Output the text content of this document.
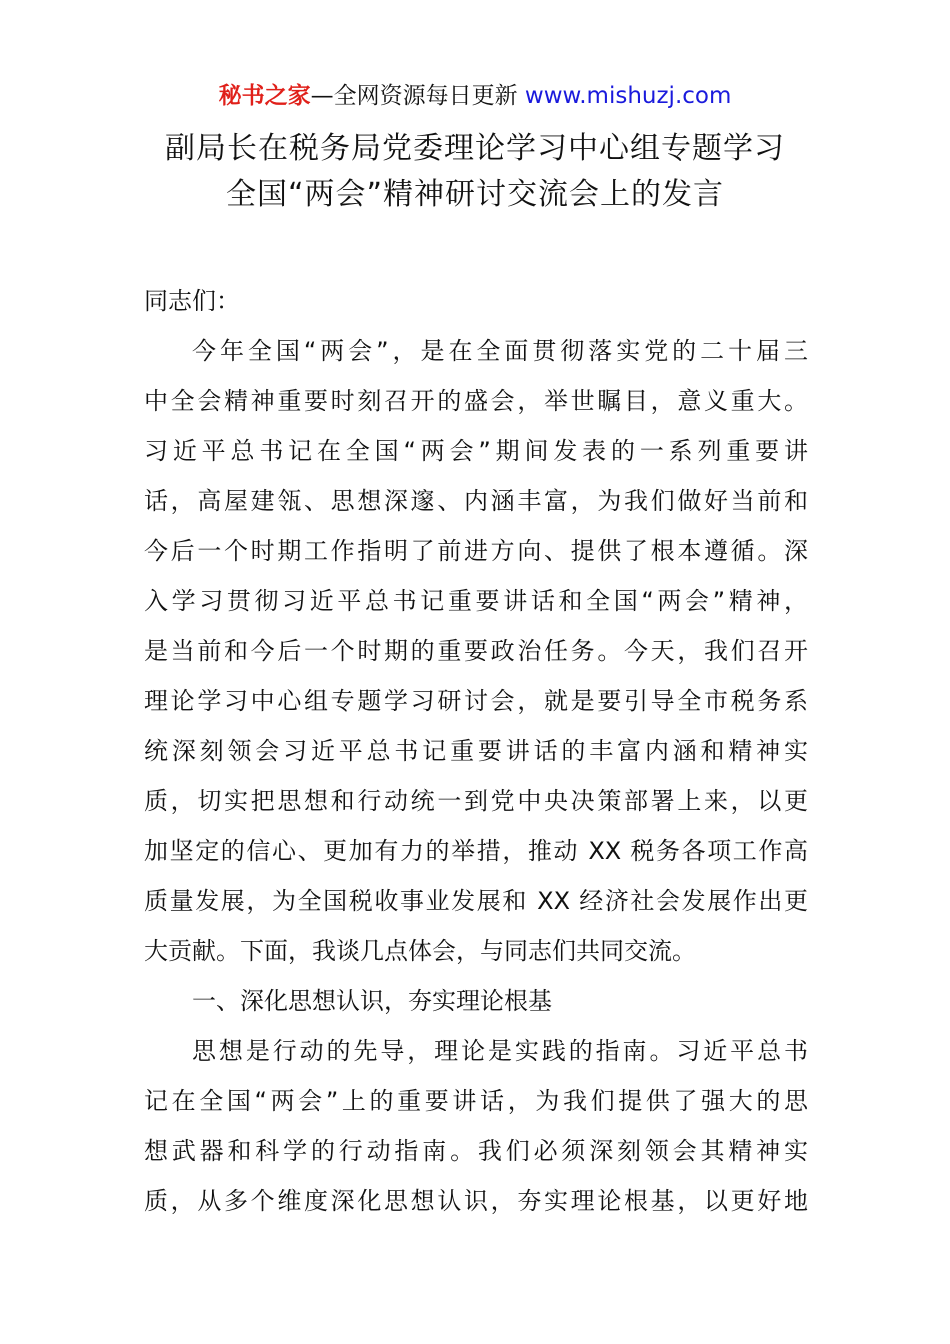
秘书之家—全网资源每日更新 www.mishuzj.com
副局长在税务局党委理论学习中心组专题学习
全国“两会”精神研讨交流会上的发言
同志们：
今年全国“两会”，是在全面贯彻落实党的二十届三
中全会精神重要时刻召开的盛会，举世瞩目，意义重大。
习近平总书记在全国“两会”期间发表的一系列重要讲
话，高屋建瓴、思想深邃、内涵丰富，为我们做好当前和
今后一个时期工作指明了前进方向、提供了根本遵循。深
入学习贯彻习近平总书记重要讲话和全国“两会”精神，
是当前和今后一个时期的重要政治任务。今天，我们召开
理论学习中心组专题学习研讨会，就是要引导全市税务系
统深刻领会习近平总书记重要讲话的丰富内涵和精神实
质，切实把思想和行动统一到党中央决策部署上来，以更
加坚定的信心、更加有力的举措，推动 XX 税务各项工作高
质量发展，为全国税收事业发展和 XX 经济社会发展作出更
大贡献。下面，我谈几点体会，与同志们共同交流。
一、深化思想认识，夯实理论根基
思想是行动的先导，理论是实践的指南。习近平总书
记在全国“两会”上的重要讲话，为我们提供了强大的思
想武器和科学的行动指南。我们必须深刻领会其精神实
质，从多个维度深化思想认识，夯实理论根基，以更好地
